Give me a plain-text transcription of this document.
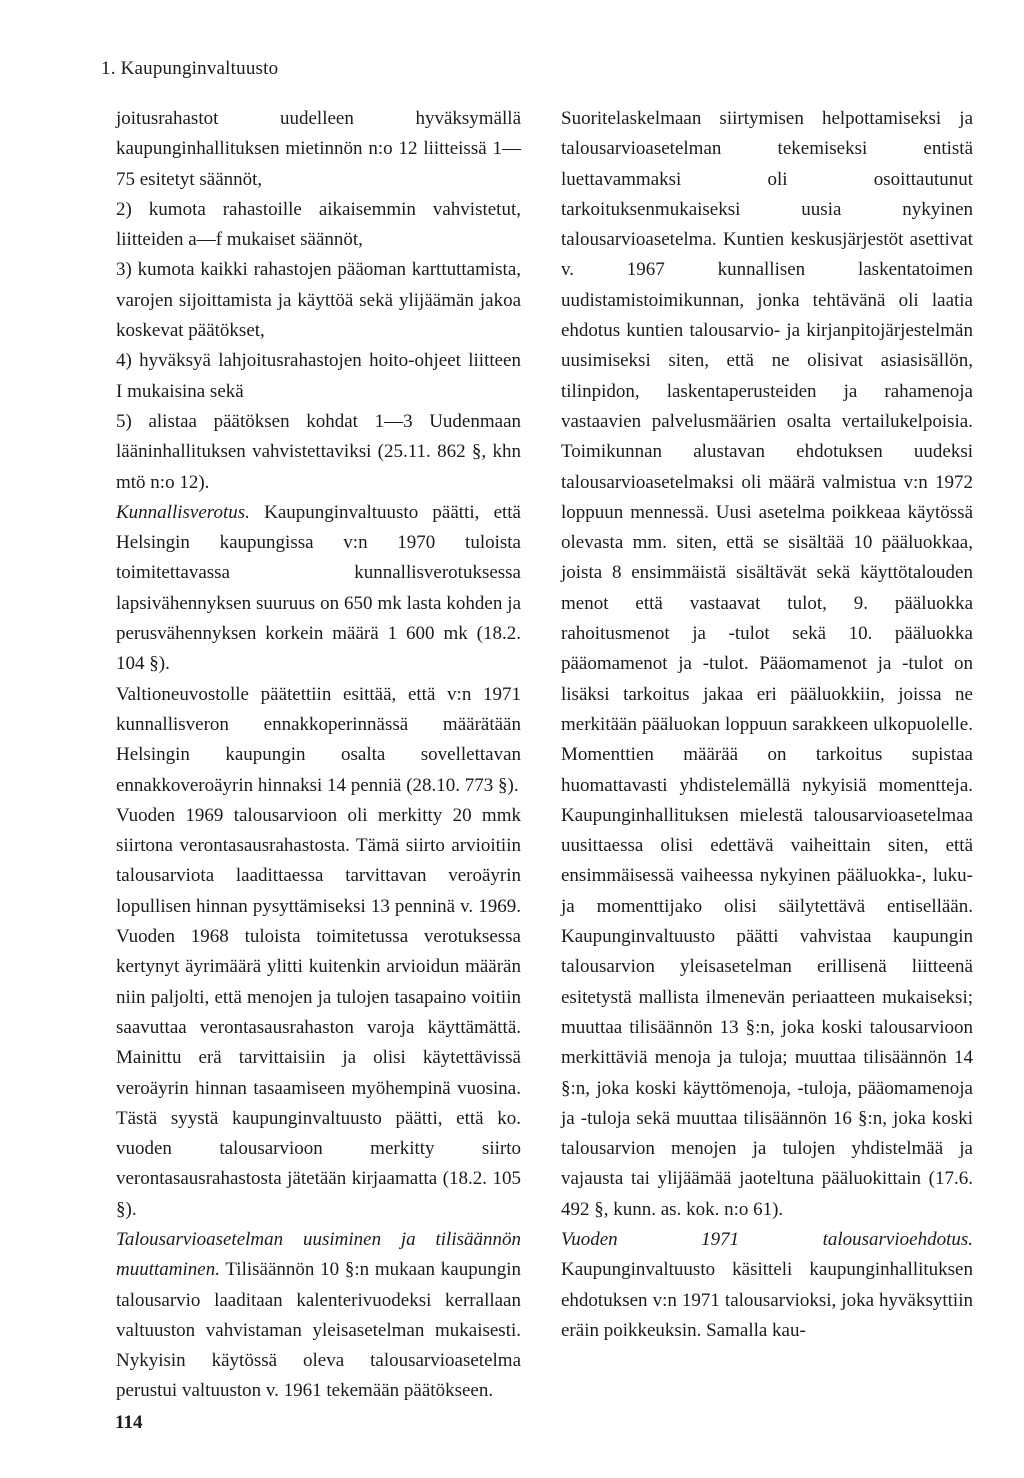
1. Kaupunginvaltuusto

joitusrahastot uudelleen hyväksymällä kaupunginhallituksen mietinnön n:o 12 liitteissä 1—75 esitetyt säännöt,

2) kumota rahastoille aikaisemmin vahvistetut, liitteiden a—f mukaiset säännöt,

3) kumota kaikki rahastojen pääoman karttuttamista, varojen sijoittamista ja käyttöä sekä ylijäämän jakoa koskevat päätökset,

4) hyväksyä lahjoitusrahastojen hoito-ohjeet liitteen I mukaisina sekä

5) alistaa päätöksen kohdat 1—3 Uudenmaan lääninhallituksen vahvistettaviksi (25.11. 862 §, khn mtö n:o 12).

Kunnallisverotus. Kaupunginvaltuusto päätti, että Helsingin kaupungissa v:n 1970 tuloista toimitettavassa kunnallisverotuksessa lapsivähennyksen suuruus on 650 mk lasta kohden ja perusvähennyksen korkein määrä 1 600 mk (18.2. 104 §).

Valtioneuvostolle päätettiin esittää, että v:n 1971 kunnallisveron ennakkoperinnässä määrätään Helsingin kaupungin osalta sovellettavan ennakkoveroäyrin hinnaksi 14 penniä (28.10. 773 §).

Vuoden 1969 talousarvioon oli merkitty 20 mmk siirtona verontasausrahastosta. Tämä siirto arvioitiin talousarviota laadittaessa tarvittavan veroäyrin lopullisen hinnan pysyttämiseksi 13 penninä v. 1969. Vuoden 1968 tuloista toimitetussa verotuksessa kertynyt äyrimäärä ylitti kuitenkin arvioidun määrän niin paljolti, että menojen ja tulojen tasapaino voitiin saavuttaa verontasausrahaston varoja käyttämättä. Mainittu erä tarvittaisiin ja olisi käytettävissä veroäyrin hinnan tasaamiseen myöhempinä vuosina. Tästä syystä kaupunginvaltuusto päätti, että ko. vuoden talousarvioon merkitty siirto verontasausrahastosta jätetään kirjaamatta (18.2. 105 §).

Talousarvioasetelman uusiminen ja tilisäännön muuttaminen. Tilisäännön 10 §:n mukaan kaupungin talousarvio laaditaan kalenterivuodeksi kerrallaan valtuuston vahvistaman yleisasetelman mukaisesti. Nykyisin käytössä oleva talousarvioasetelma perustui valtuuston v. 1961 tekemään päätökseen.

Suoritelaskelmaan siirtymisen helpottamiseksi ja talousarvioasetelman tekemiseksi entistä luettavammaksi oli osoittautunut tarkoituksenmukaiseksi uusia nykyinen talousarvioasetelma. Kuntien keskusjärjestöt asettivat v. 1967 kunnallisen laskentatoimen uudistamistoimikunnan, jonka tehtävänä oli laatia ehdotus kuntien talousarvio- ja kirjanpitojärjestelmän uusimiseksi siten, että ne olisivat asiasisällön, tilinpidon, laskentaperusteiden ja rahamenoja vastaavien palvelusmäärien osalta vertailukelpoisia. Toimikunnan alustavan ehdotuksen uudeksi talousarvioasetelmaksi oli määrä valmistua v:n 1972 loppuun mennessä. Uusi asetelma poikkeaa käytössä olevasta mm. siten, että se sisältää 10 pääluokkaa, joista 8 ensimmäistä sisältävät sekä käyttötalouden menot että vastaavat tulot, 9. pääluokka rahoitusmenot ja -tulot sekä 10. pääluokka pääomamenot ja -tulot. Pääomamenot ja -tulot on lisäksi tarkoitus jakaa eri pääluokkiin, joissa ne merkitään pääluokan loppuun sarakkeen ulkopuolelle. Momenttien määrää on tarkoitus supistaa huomattavasti yhdistelemällä nykyisiä momentteja. Kaupunginhallituksen mielestä talousarvioasetelmaa uusittaessa olisi edettävä vaiheittain siten, että ensimmäisessä vaiheessa nykyinen pääluokka-, luku- ja momenttijako olisi säilytettävä entisellään. Kaupunginvaltuusto päätti vahvistaa kaupungin talousarvion yleisasetelman erillisenä liitteenä esitetystä mallista ilmenevän periaatteen mukaiseksi; muuttaa tilisäännön 13 §:n, joka koski talousarvioon merkittäviä menoja ja tuloja; muuttaa tilisäännön 14 §:n, joka koski käyttömenoja, -tuloja, pääomamenoja ja -tuloja sekä muuttaa tilisäännön 16 §:n, joka koski talousarvion menojen ja tulojen yhdistelmää ja vajausta tai ylijäämää jaoteltuna pääluokittain (17.6. 492 §, kunn. as. kok. n:o 61).

Vuoden 1971 talousarvioehdotus. Kaupunginvaltuusto käsitteli kaupunginhallituksen ehdotuksen v:n 1971 talousarvioksi, joka hyväksyttiin eräin poikkeuksin. Samalla kau-

114
